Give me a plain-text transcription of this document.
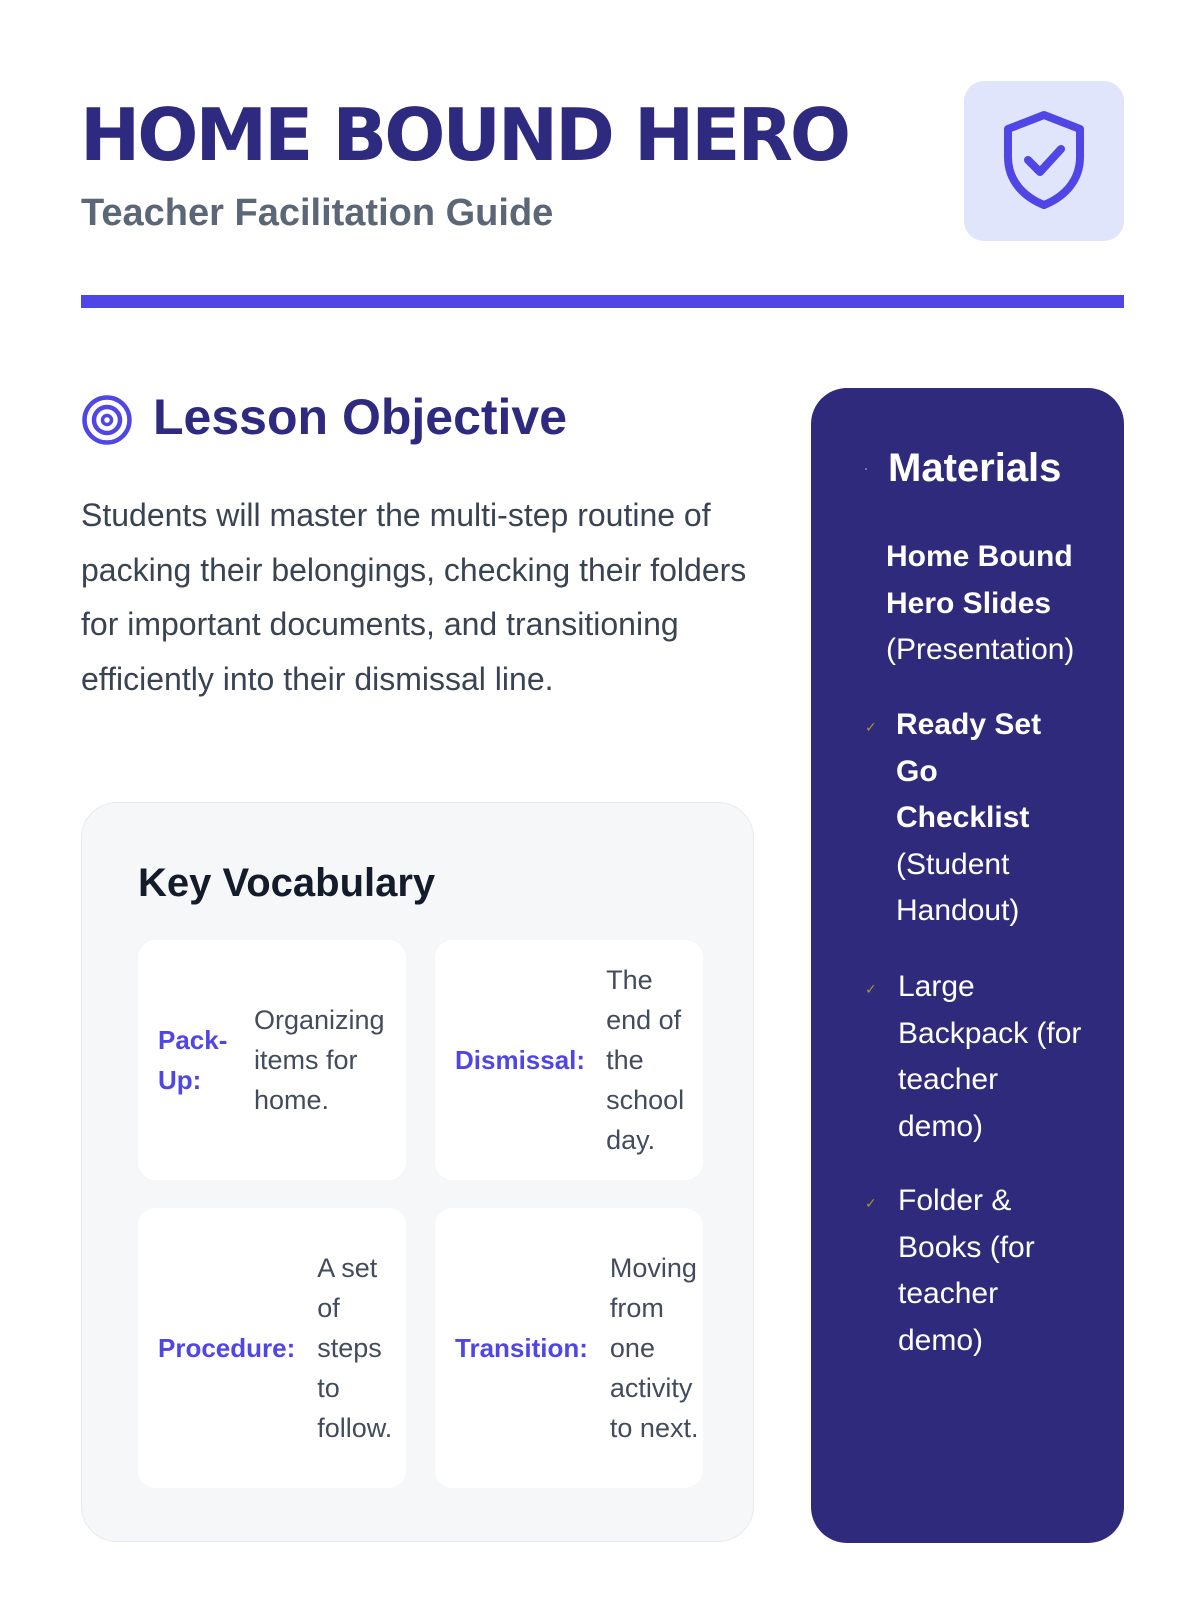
HOME BOUND HERO
Teacher Facilitation Guide
Lesson Objective
Students will master the multi-step routine of packing their belongings, checking their folders for important documents, and transitioning efficiently into their dismissal line.
Key Vocabulary
Pack-Up:
Organizing items for home.
Dismissal:
The end of the school day.
Procedure:
A set of steps to follow.
Transition:
Moving from one activity to next.
Materials
Home Bound Hero Slides (Presentation)
✓ Ready Set Go Checklist (Student Handout)
✓ Large Backpack (for teacher demo)
✓ Folder & Books (for teacher demo)
